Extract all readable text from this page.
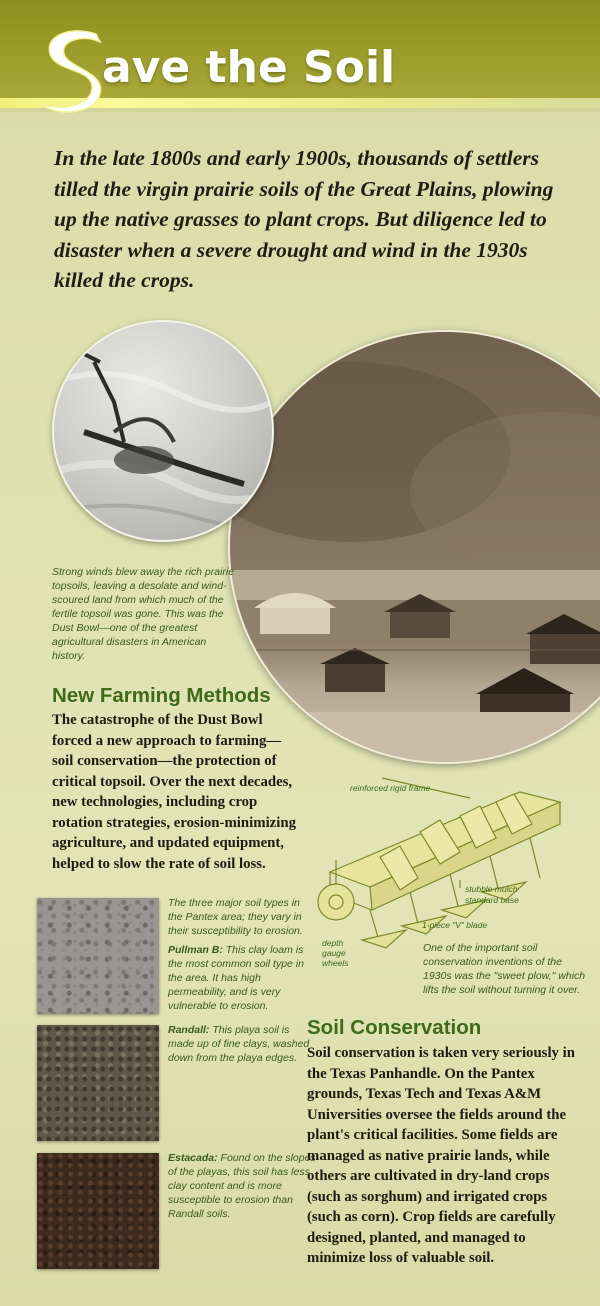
ave the Soil

In the late 1800s and early 1900s, thousands of settlers tilled the virgin prairie soils of the Great Plains, plowing up the native grasses to plant crops. But diligence led to disaster when a severe drought and wind in the 1930s killed the crops.

Strong winds blew away the rich prairie topsoils, leaving a desolate and wind-scoured land from which much of the fertile topsoil was gone. This was the Dust Bowl—one of the greatest agricultural disasters in American history.

New Farming Methods

The catastrophe of the Dust Bowl forced a new approach to farming—soil conservation—the protection of critical topsoil. Over the next decades, new technologies, including crop rotation strategies, erosion-minimizing agriculture, and updated equipment, helped to slow the rate of soil loss.

reinforced rigid frame
stubble mulch
standard base
1-piece "V" blade
depth
gauge
wheels

One of the important soil conservation inventions of the 1930s was the "sweet plow," which lifts the soil without turning it over.

The three major soil types in the Pantex area; they vary in their susceptibility to erosion.

Pullman B: This clay loam is the most common soil type in the area. It has high permeability, and is very vulnerable to erosion.

Randall: This playa soil is made up of fine clays, washed down from the playa edges.

Estacada: Found on the slopes of the playas, this soil has less clay content and is more susceptible to erosion than Randall soils.

Soil Conservation

Soil conservation is taken very seriously in the Texas Panhandle. On the Pantex grounds, Texas Tech and Texas A&M Universities oversee the fields around the plant's critical facilities. Some fields are managed as native prairie lands, while others are cultivated in dry-land crops (such as sorghum) and irrigated crops (such as corn). Crop fields are carefully designed, planted, and managed to minimize loss of valuable soil.
